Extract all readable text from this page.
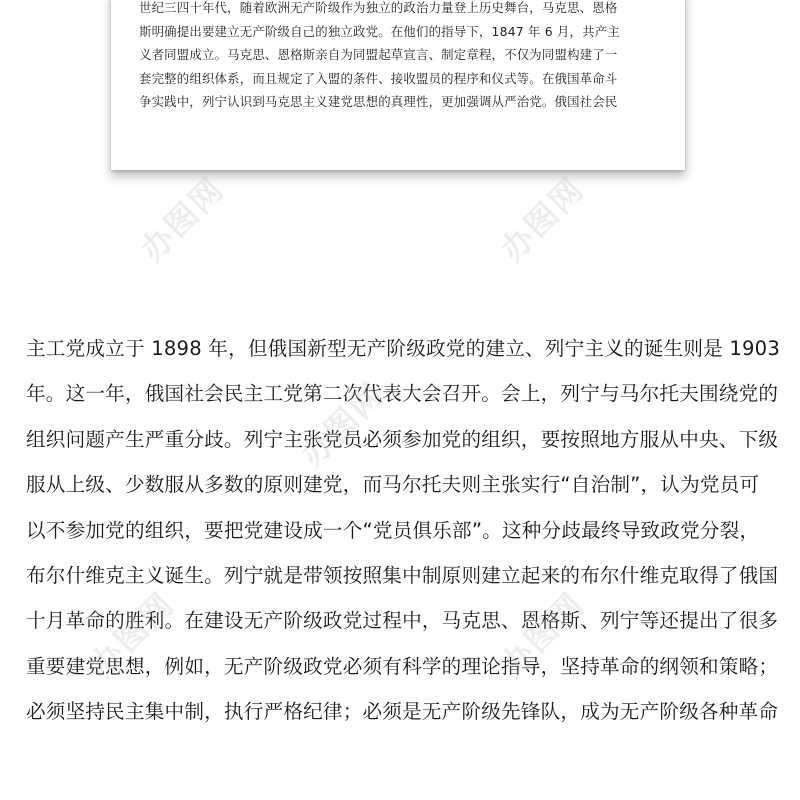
世纪三四十年代，随着欧洲无产阶级作为独立的政治力量登上历史舞台，马克思、恩格
斯明确提出要建立无产阶级自己的独立政党。在他们的指导下，1847 年 6 月，共产主
义者同盟成立。马克思、恩格斯亲自为同盟起草宣言、制定章程，不仅为同盟构建了一
套完整的组织体系，而且规定了入盟的条件、接收盟员的程序和仪式等。在俄国革命斗
争实践中，列宁认识到马克思主义建党思想的真理性，更加强调从严治党。俄国社会民
主工党成立于 1898 年，但俄国新型无产阶级政党的建立、列宁主义的诞生则是 1903
年。这一年，俄国社会民主工党第二次代表大会召开。会上，列宁与马尔托夫围绕党的
组织问题产生严重分歧。列宁主张党员必须参加党的组织，要按照地方服从中央、下级
服从上级、少数服从多数的原则建党，而马尔托夫则主张实行“自治制”，认为党员可
以不参加党的组织，要把党建设成一个“党员俱乐部”。这种分歧最终导致政党分裂，
布尔什维克主义诞生。列宁就是带领按照集中制原则建立起来的布尔什维克取得了俄国
十月革命的胜利。在建设无产阶级政党过程中，马克思、恩格斯、列宁等还提出了很多
重要建党思想，例如，无产阶级政党必须有科学的理论指导，坚持革命的纲领和策略；
必须坚持民主集中制，执行严格纪律；必须是无产阶级先锋队，成为无产阶级各种革命
办图网	办图网
办图网
办图网	办图网
